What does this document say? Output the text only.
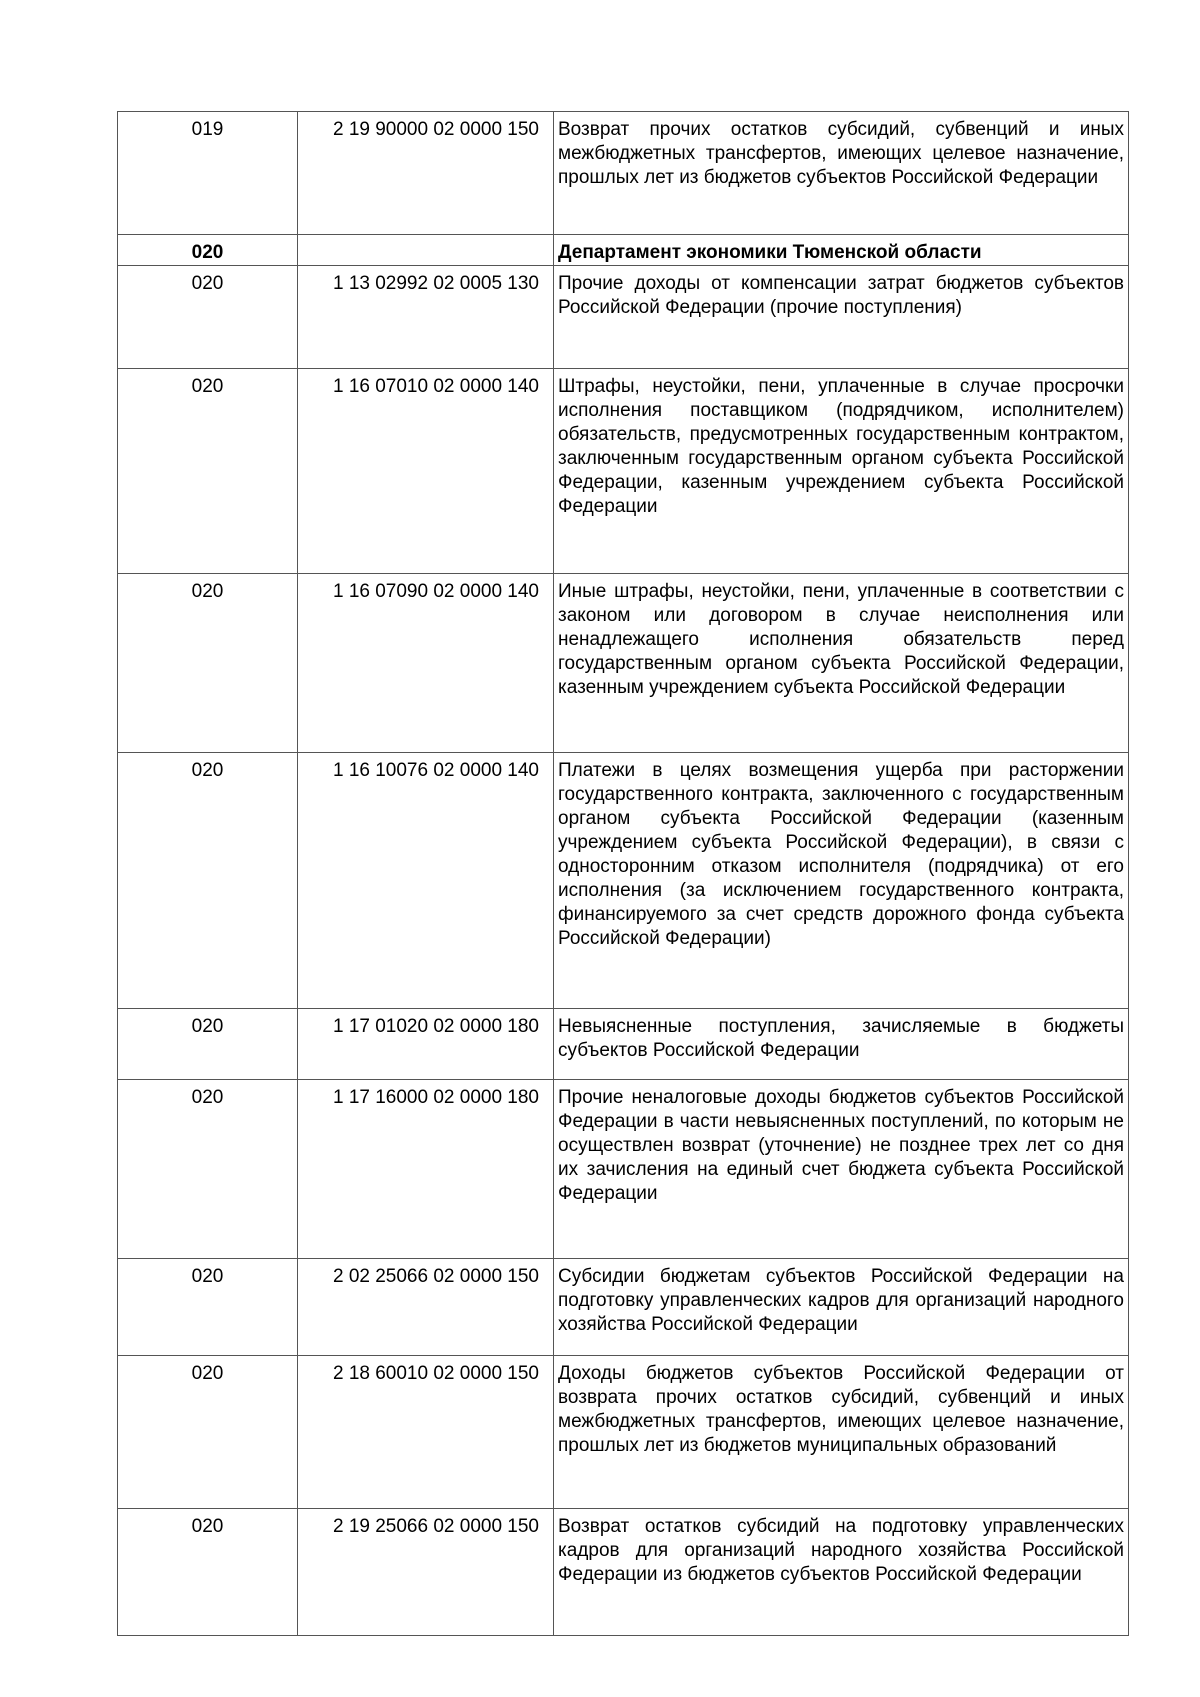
019	2 19 90000 02 0000 150	Возврат прочих остатков субсидий, субвенций и иных межбюджетных трансфертов, имеющих целевое назначение, прошлых лет из бюджетов субъектов Российской Федерации
020		Департамент экономики Тюменской области
020	1 13 02992 02 0005 130	Прочие доходы от компенсации затрат бюджетов субъектов Российской Федерации (прочие поступления)
020	1 16 07010 02 0000 140	Штрафы, неустойки, пени, уплаченные в случае просрочки исполнения поставщиком (подрядчиком, исполнителем) обязательств, предусмотренных государственным контрактом, заключенным государственным органом субъекта Российской Федерации, казенным учреждением субъекта Российской Федерации
020	1 16 07090 02 0000 140	Иные штрафы, неустойки, пени, уплаченные в соответствии с законом или договором в случае неисполнения или ненадлежащего исполнения обязательств перед государственным органом субъекта Российской Федерации, казенным учреждением субъекта Российской Федерации
020	1 16 10076 02 0000 140	Платежи в целях возмещения ущерба при расторжении государственного контракта, заключенного с государственным органом субъекта Российской Федерации (казенным учреждением субъекта Российской Федерации), в связи с односторонним отказом исполнителя (подрядчика) от его исполнения (за исключением государственного контракта, финансируемого за счет средств дорожного фонда субъекта Российской Федерации)
020	1 17 01020 02 0000 180	Невыясненные поступления, зачисляемые в бюджеты субъектов Российской Федерации
020	1 17 16000 02 0000 180	Прочие неналоговые доходы бюджетов субъектов Российской Федерации в части невыясненных поступлений, по которым не осуществлен возврат (уточнение) не позднее трех лет со дня их зачисления на единый счет бюджета субъекта Российской Федерации
020	2 02 25066 02 0000 150	Субсидии бюджетам субъектов Российской Федерации на подготовку управленческих кадров для организаций народного хозяйства Российской Федерации
020	2 18 60010 02 0000 150	Доходы бюджетов субъектов Российской Федерации от возврата прочих остатков субсидий, субвенций и иных межбюджетных трансфертов, имеющих целевое назначение, прошлых лет из бюджетов муниципальных образований
020	2 19 25066 02 0000 150	Возврат остатков субсидий на подготовку управленческих кадров для организаций народного хозяйства Российской Федерации из бюджетов субъектов Российской Федерации
